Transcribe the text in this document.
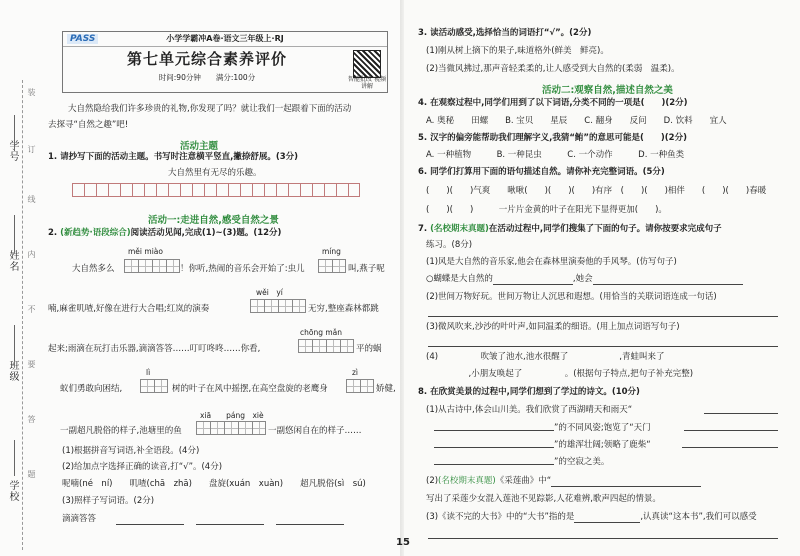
学号
姓名
班级
学校
装
订
线
内
不
要
答
题
小学学霸冲A卷·语文三年级上·RJ
PASS
第七单元综合素养评价
时间:90分钟　　满分:100分	智能批改 视频讲解
大自然隐给我们许多珍贵的礼物,你发现了吗？就让我们一起跟着下面的活动
去探寻“自然之趣”吧!
活动主题
1. 请抄写下面的活动主题。书写时注意横平竖直,撇捺舒展。(3分)
大自然里有无尽的乐趣。
活动一:走进自然,感受自然之景
2. (新趋势·语段综合)阅读活动见闻,完成(1)~(3)题。(12分)
měi miào	míng
大自然多么	！你听,热闹的音乐会开始了:虫儿	叫,燕子呢
wěi　yí
喃,麻雀叽喳,好像在进行大合唱;红岚的演奏	无穷,整座森林都跳
chōng mǎn
起来;雨滴在玩打击乐器,滴滴答答……叮叮咚咚……你看,	平的蜗
lì	zì
蚁们勇敢向困结,	树的叶子在风中摇摆,在高空盘旋的老鹰身	娇健,
xiā　　páng　xiè
一副超凡脱俗的样子,池塘里的鱼	一副悠闲自在的样子……
(1)根据拼音写词语,补全语段。(4分)
(2)给加点字选择正确的读音,打“√”。(4分)
呢喃(né　ní)　　叽喳(chā　zhā)　　盘旋(xuán　xuàn)　　超凡脱俗(sì　sú)
(3)照样子写词语。(2分)
滴滴答答
3. 读活动感受,选择恰当的词语打“√”。(2分)
(1)刚从树上摘下的果子,味道格外(鲜美　鲜亮)。
(2)当微风拂过,那声音轻柔柔的,让人感受到大自然的(柔弱　温柔)。
活动二:观察自然,描述自然之美
4. 在观察过程中,同学们用到了以下词语,分类不同的一项是(　　)(2分)
A. 奥秘　　田螺　　B. 宝贝　　星辰　　C. 翻身　　反问　　D. 饮料　　宜人
5. 汉字的偏旁能帮助我们理解字义,我猜“鲔”的意思可能是(　　)(2分)
A. 一种植物　　　B. 一种昆虫　　　C. 一个动作　　　D. 一种鱼类
6. 同学们打算用下面的语句描述自然。请你补充完整词语。(5分)
(　　)(　　)气爽　　啾啾(　　)(　　)(　　)有序　(　　)(　　)相伴　　(　　)(　　)春暖
(　　)(　　)　　　一片片金黄的叶子在阳光下显得更加(　　)。
7. (名校期末真题)在活动过程中,同学们搜集了下面的句子。请你按要求完成句子
练习。(8分)
(1)风是大自然的音乐家,他会在森林里演奏他的手风琴。(仿写句子)
○蝴蝶是大自然的	,她会
(2)世间万物好玩。世间万物让人沉思和遐想。(用恰当的关联词语连成一句话)
(3)微风吹来,沙沙的叶叶声,如同温柔的细语。(用上加点词语写句子)
(4)　　　　　吹皱了池水,池水很醒了　　　　　　,青蛙叫来了
　　　　　,小朋友唤起了　　　　　。(根据句子特点,把句子补充完整)
8. 在欣赏美景的过程中,同学们想到了学过的诗文。(10分)
(1)从古诗中,体会山川美。我们欣赏了西湖晴天和雨天“
”的不同风姿;饱览了“天门
”的雄浑壮阔;领略了鹿柴“
”的空寂之美。
(2)(名校期末真题)《采莲曲》中“
写出了采莲少女混入莲池不见踪影,人花难辨,歌声四起的情景。
(3)《读不完的大书》中的“大书”指的是	,认真读“这本书”,我们可以感受
15
